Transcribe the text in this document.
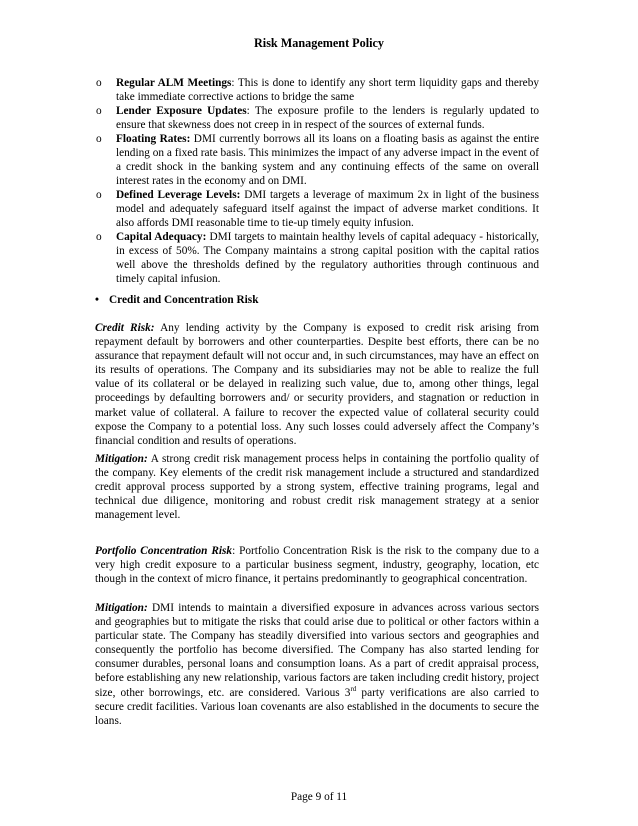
Risk Management Policy
o Regular ALM Meetings: This is done to identify any short term liquidity gaps and thereby take immediate corrective actions to bridge the same
o Lender Exposure Updates: The exposure profile to the lenders is regularly updated to ensure that skewness does not creep in in respect of the sources of external funds.
o Floating Rates: DMI currently borrows all its loans on a floating basis as against the entire lending on a fixed rate basis. This minimizes the impact of any adverse impact in the event of a credit shock in the banking system and any continuing effects of the same on overall interest rates in the economy and on DMI.
o Defined Leverage Levels: DMI targets a leverage of maximum 2x in light of the business model and adequately safeguard itself against the impact of adverse market conditions. It also affords DMI reasonable time to tie-up timely equity infusion.
o Capital Adequacy: DMI targets to maintain healthy levels of capital adequacy - historically, in excess of 50%. The Company maintains a strong capital position with the capital ratios well above the thresholds defined by the regulatory authorities through continuous and timely capital infusion.
• Credit and Concentration Risk

Credit Risk: Any lending activity by the Company is exposed to credit risk arising from repayment default by borrowers and other counterparties. Despite best efforts, there can be no assurance that repayment default will not occur and, in such circumstances, may have an effect on its results of operations. The Company and its subsidiaries may not be able to realize the full value of its collateral or be delayed in realizing such value, due to, among other things, legal proceedings by defaulting borrowers and/ or security providers, and stagnation or reduction in market value of collateral. A failure to recover the expected value of collateral security could expose the Company to a potential loss. Any such losses could adversely affect the Company’s financial condition and results of operations.

Mitigation: A strong credit risk management process helps in containing the portfolio quality of the company. Key elements of the credit risk management include a structured and standardized credit approval process supported by a strong system, effective training programs, legal and technical due diligence, monitoring and robust credit risk management strategy at a senior management level.

Portfolio Concentration Risk: Portfolio Concentration Risk is the risk to the company due to a very high credit exposure to a particular business segment, industry, geography, location, etc though in the context of micro finance, it pertains predominantly to geographical concentration.

Mitigation: DMI intends to maintain a diversified exposure in advances across various sectors and geographies but to mitigate the risks that could arise due to political or other factors within a particular state. The Company has steadily diversified into various sectors and geographies and consequently the portfolio has become diversified. The Company has also started lending for consumer durables, personal loans and consumption loans. As a part of credit appraisal process, before establishing any new relationship, various factors are taken including credit history, project size, other borrowings, etc. are considered. Various 3rd party verifications are also carried to secure credit facilities. Various loan covenants are also established in the documents to secure the loans.

Page 9 of 11
